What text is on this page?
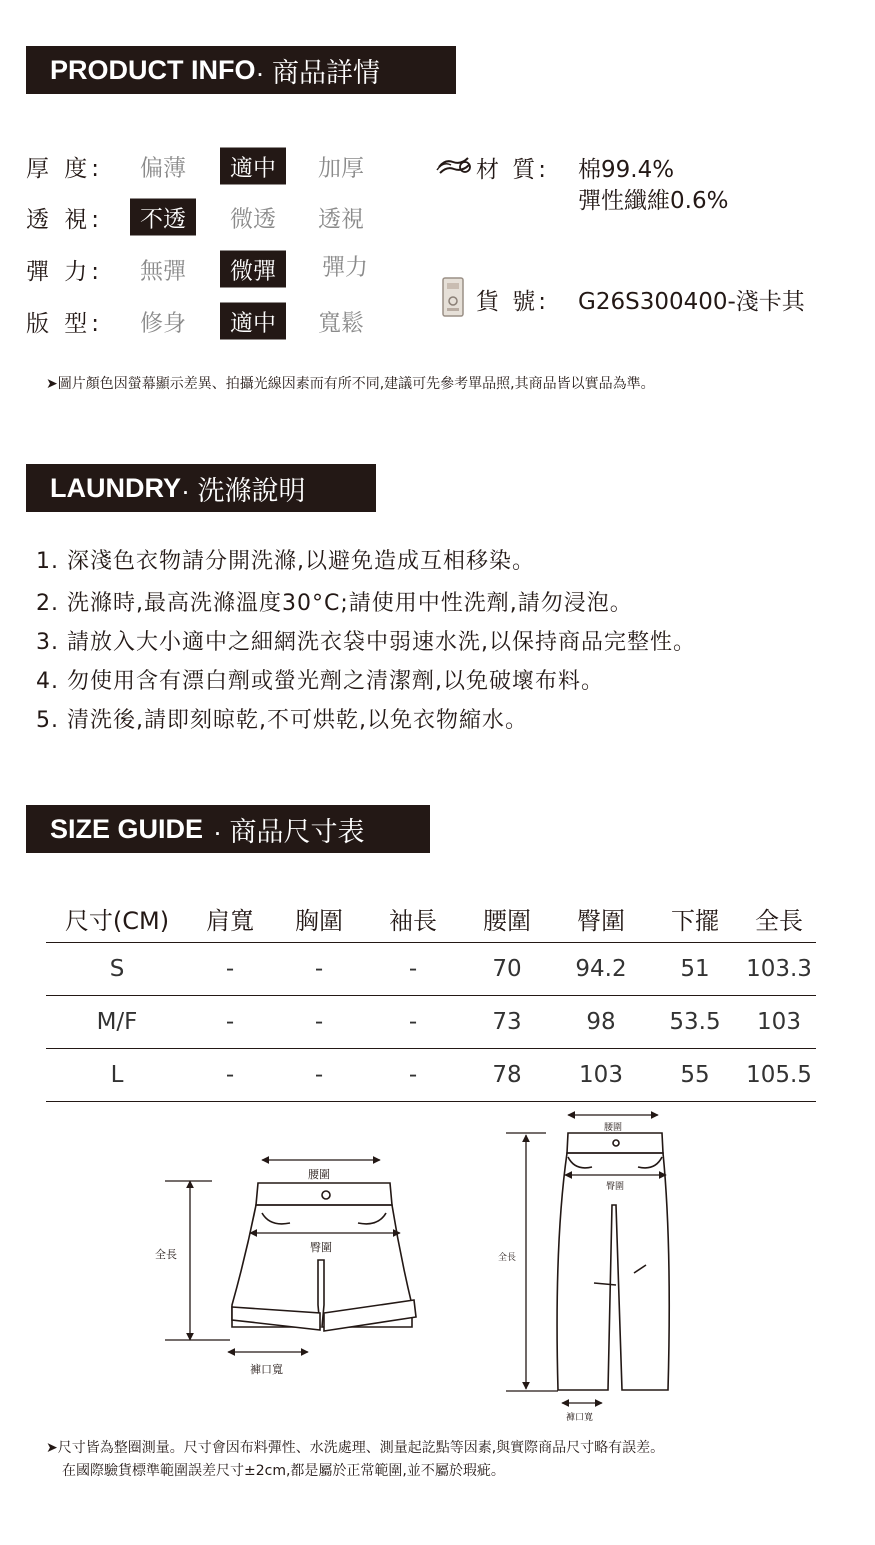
PRODUCT INFO · 商品詳情
厚 度:	偏薄	適中	加厚
透 視:	不透	微透 透視
彈 力:	無彈	微彈	彈力
版 型:	修身	適中	寬鬆
材 質: 棉99.4%
彈性纖維0.6%
貨 號: G26S300400-淺卡其
➤圖片顏色因螢幕顯示差異、拍攝光線因素而有所不同,建議可先參考單品照,其商品皆以實品為準。
LAUNDRY · 洗滌說明
1. 深淺色衣物請分開洗滌,以避免造成互相移染。
2. 洗滌時,最高洗滌溫度30°C;請使用中性洗劑,請勿浸泡。
3. 請放入大小適中之細網洗衣袋中弱速水洗,以保持商品完整性。
4. 勿使用含有漂白劑或螢光劑之清潔劑,以免破壞布料。
5. 清洗後,請即刻晾乾,不可烘乾,以免衣物縮水。
SIZE GUIDE · 商品尺寸表
尺寸(CM)	肩寬	胸圍	袖長	腰圍	臀圍	下擺	全長
S	-	-	-	70	94.2	51	103.3
M/F	-	-	-	73	98	53.5	103
L	-	-	-	78	103	55	105.5
腰圍
臀圍
全長
褲口寬
腰圍
臀圍
全長
褲口寬
➤尺寸皆為整圈測量。尺寸會因布料彈性、水洗處理、測量起訖點等因素,與實際商品尺寸略有誤差。
在國際驗貨標準範圍誤差尺寸±2cm,都是屬於正常範圍,並不屬於瑕疵。
